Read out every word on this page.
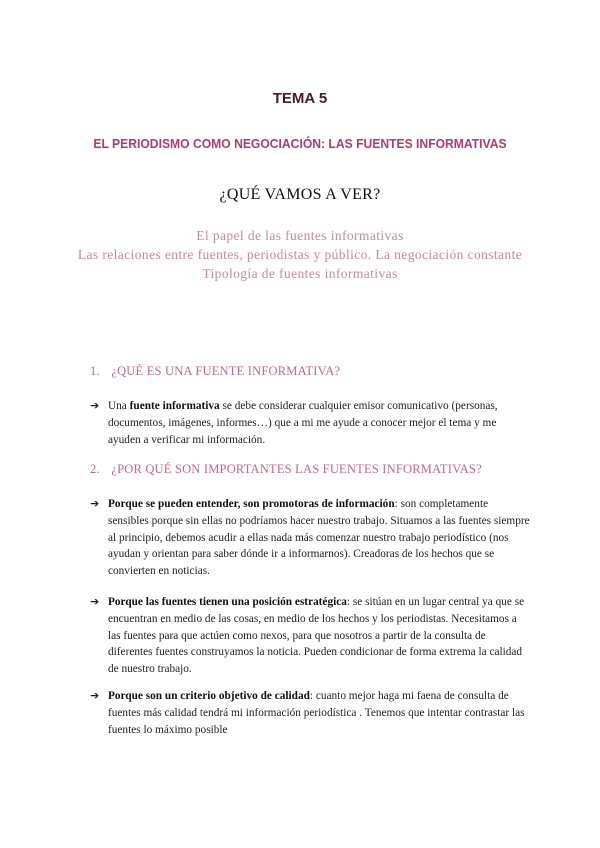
TEMA 5
EL PERIODISMO COMO NEGOCIACIÓN: LAS FUENTES INFORMATIVAS
¿QUÉ VAMOS A VER?
El papel de las fuentes informativas
Las relaciones entre fuentes, periodistas y público. La negociación constante
Tipología de fuentes informativas
1. ¿QUÉ ES UNA FUENTE INFORMATIVA?
➔ Una fuente informativa se debe considerar cualquier emisor comunicativo (personas, documentos, imágenes, informes…) que a mi me ayude a conocer mejor el tema y me ayuden a verificar mi información.
2. ¿POR QUÉ SON IMPORTANTES LAS FUENTES INFORMATIVAS?
➔ Porque se pueden entender, son promotoras de información: son completamente sensibles porque sin ellas no podríamos hacer nuestro trabajo. Situamos a las fuentes siempre al principio, debemos acudir a ellas nada más comenzar nuestro trabajo periodístico (nos ayudan y orientan para saber dónde ir a informarnos). Creadoras de los hechos que se convierten en noticias.
➔ Porque las fuentes tienen una posición estratégica: se sitúan en un lugar central ya que se encuentran en medio de las cosas, en medio de los hechos y los periodistas. Necesitamos a las fuentes para que actúen como nexos, para que nosotros a partir de la consulta de diferentes fuentes construyamos la noticia. Pueden condicionar de forma extrema la calidad de nuestro trabajo.
➔ Porque son un criterio objetivo de calidad: cuanto mejor haga mi faena de consulta de fuentes más calidad tendrá mi información periodística . Tenemos que intentar contrastar las fuentes lo máximo posible
